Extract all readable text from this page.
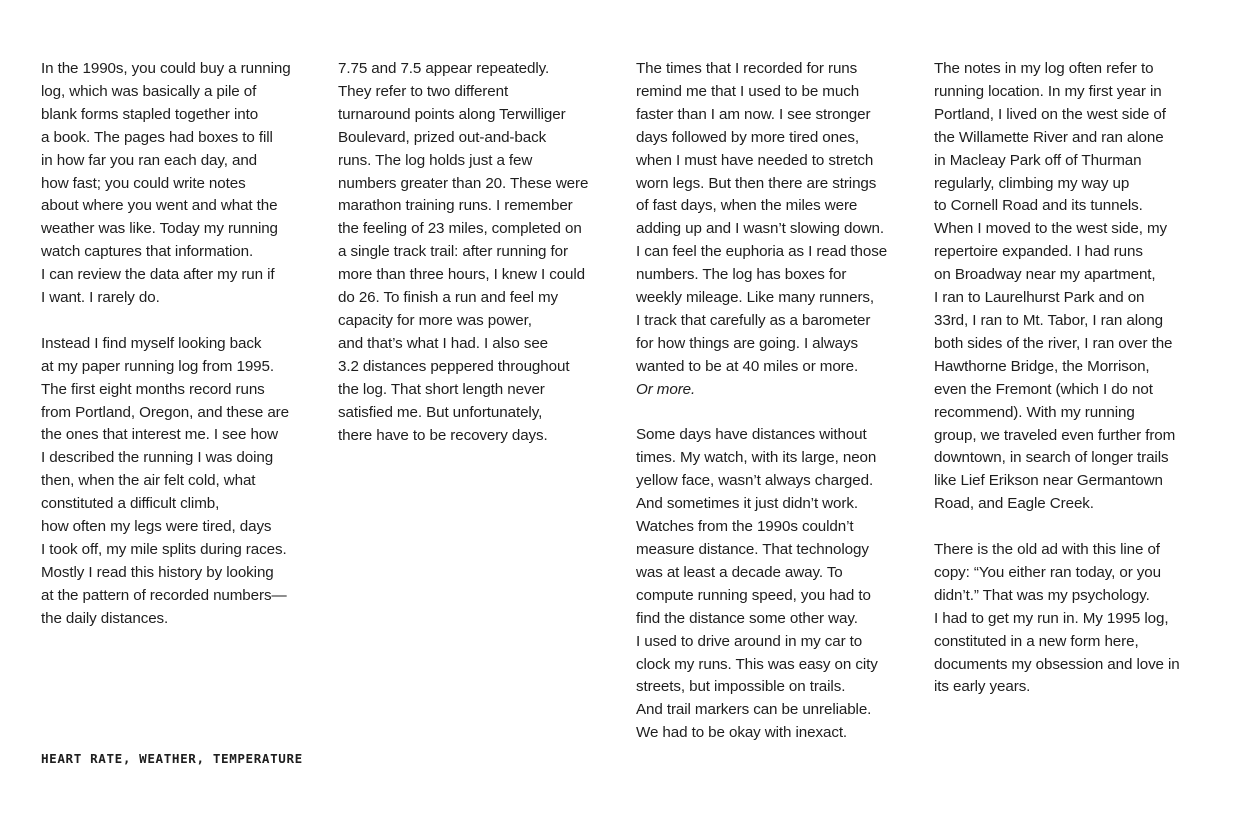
In the 1990s, you could buy a running
log, which was basically a pile of
blank forms stapled together into
a book. The pages had boxes to fill
in how far you ran each day, and
how fast; you could write notes
about where you went and what the
weather was like. Today my running
watch captures that information.
I can review the data after my run if
I want. I rarely do.

Instead I find myself looking back
at my paper running log from 1995.
The first eight months record runs
from Portland, Oregon, and these are
the ones that interest me. I see how
I described the running I was doing
then, when the air felt cold, what
constituted a difficult climb,
how often my legs were tired, days
I took off, my mile splits during races.
Mostly I read this history by looking
at the pattern of recorded numbers—
the daily distances.

7.75 and 7.5 appear repeatedly.
They refer to two different
turnaround points along Terwilliger
Boulevard, prized out-and-back
runs. The log holds just a few
numbers greater than 20. These were
marathon training runs. I remember
the feeling of 23 miles, completed on
a single track trail: after running for
more than three hours, I knew I could
do 26. To finish a run and feel my
capacity for more was power,
and that’s what I had. I also see
3.2 distances peppered throughout
the log. That short length never
satisfied me. But unfortunately,
there have to be recovery days.

The times that I recorded for runs
remind me that I used to be much
faster than I am now. I see stronger
days followed by more tired ones,
when I must have needed to stretch
worn legs. But then there are strings
of fast days, when the miles were
adding up and I wasn’t slowing down.
I can feel the euphoria as I read those
numbers. The log has boxes for
weekly mileage. Like many runners,
I track that carefully as a barometer
for how things are going. I always
wanted to be at 40 miles or more.
Or more.

Some days have distances without
times. My watch, with its large, neon
yellow face, wasn’t always charged.
And sometimes it just didn’t work.
Watches from the 1990s couldn’t
measure distance. That technology
was at least a decade away. To
compute running speed, you had to
find the distance some other way.
I used to drive around in my car to
clock my runs. This was easy on city
streets, but impossible on trails.
And trail markers can be unreliable.
We had to be okay with inexact.

The notes in my log often refer to
running location. In my first year in
Portland, I lived on the west side of
the Willamette River and ran alone
in Macleay Park off of Thurman
regularly, climbing my way up
to Cornell Road and its tunnels.
When I moved to the west side, my
repertoire expanded. I had runs
on Broadway near my apartment,
I ran to Laurelhurst Park and on
33rd, I ran to Mt. Tabor, I ran along
both sides of the river, I ran over the
Hawthorne Bridge, the Morrison,
even the Fremont (which I do not
recommend). With my running
group, we traveled even further from
downtown, in search of longer trails
like Lief Erikson near Germantown
Road, and Eagle Creek.

There is the old ad with this line of
copy: “You either ran today, or you
didn’t.” That was my psychology.
I had to get my run in. My 1995 log,
constituted in a new form here,
documents my obsession and love in
its early years.

HEART RATE, WEATHER, TEMPERATURE
